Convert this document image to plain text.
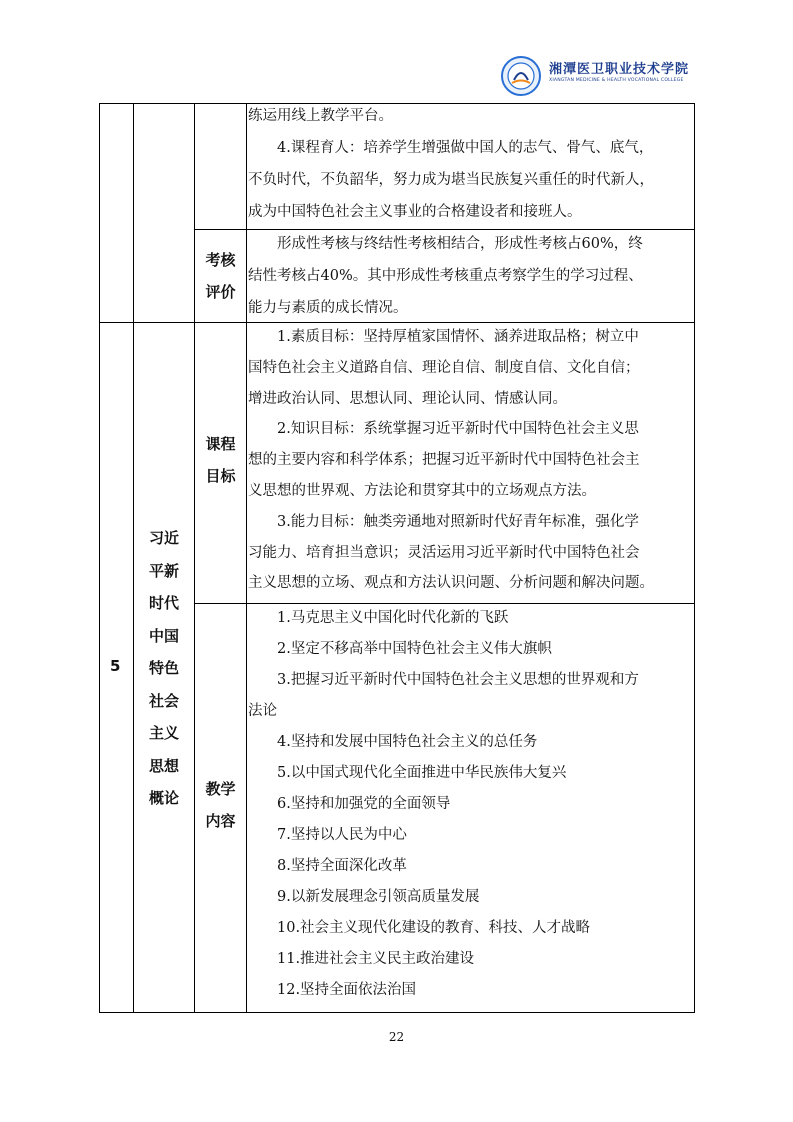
湘潭医卫职业技术学院
XIANGTAN MEDICINE & HEALTH VOCATIONAL COLLEGE
练运用线上教学平台。
　　4.课程育人：培养学生增强做中国人的志气、骨气、底气，
不负时代，不负韶华，努力成为堪当民族复兴重任的时代新人，
成为中国特色社会主义事业的合格建设者和接班人。
考核
评价
　　形成性考核与终结性考核相结合，形成性考核占60%，终
结性考核占40%。其中形成性考核重点考察学生的学习过程、
能力与素质的成长情况。
5
习近
平新
时代
中国
特色
社会
主义
思想
概论
课程
目标
　　1.素质目标：坚持厚植家国情怀、涵养进取品格；树立中
国特色社会主义道路自信、理论自信、制度自信、文化自信；
增进政治认同、思想认同、理论认同、情感认同。
　　2.知识目标：系统掌握习近平新时代中国特色社会主义思
想的主要内容和科学体系；把握习近平新时代中国特色社会主
义思想的世界观、方法论和贯穿其中的立场观点方法。
　　3.能力目标：触类旁通地对照新时代好青年标准，强化学
习能力、培育担当意识；灵活运用习近平新时代中国特色社会
主义思想的立场、观点和方法认识问题、分析问题和解决问题。
教学
内容
　　1.马克思主义中国化时代化新的飞跃
　　2.坚定不移高举中国特色社会主义伟大旗帜
　　3.把握习近平新时代中国特色社会主义思想的世界观和方
法论
　　4.坚持和发展中国特色社会主义的总任务
　　5.以中国式现代化全面推进中华民族伟大复兴
　　6.坚持和加强党的全面领导
　　7.坚持以人民为中心
　　8.坚持全面深化改革
　　9.以新发展理念引领高质量发展
　　10.社会主义现代化建设的教育、科技、人才战略
　　11.推进社会主义民主政治建设
　　12.坚持全面依法治国
22
